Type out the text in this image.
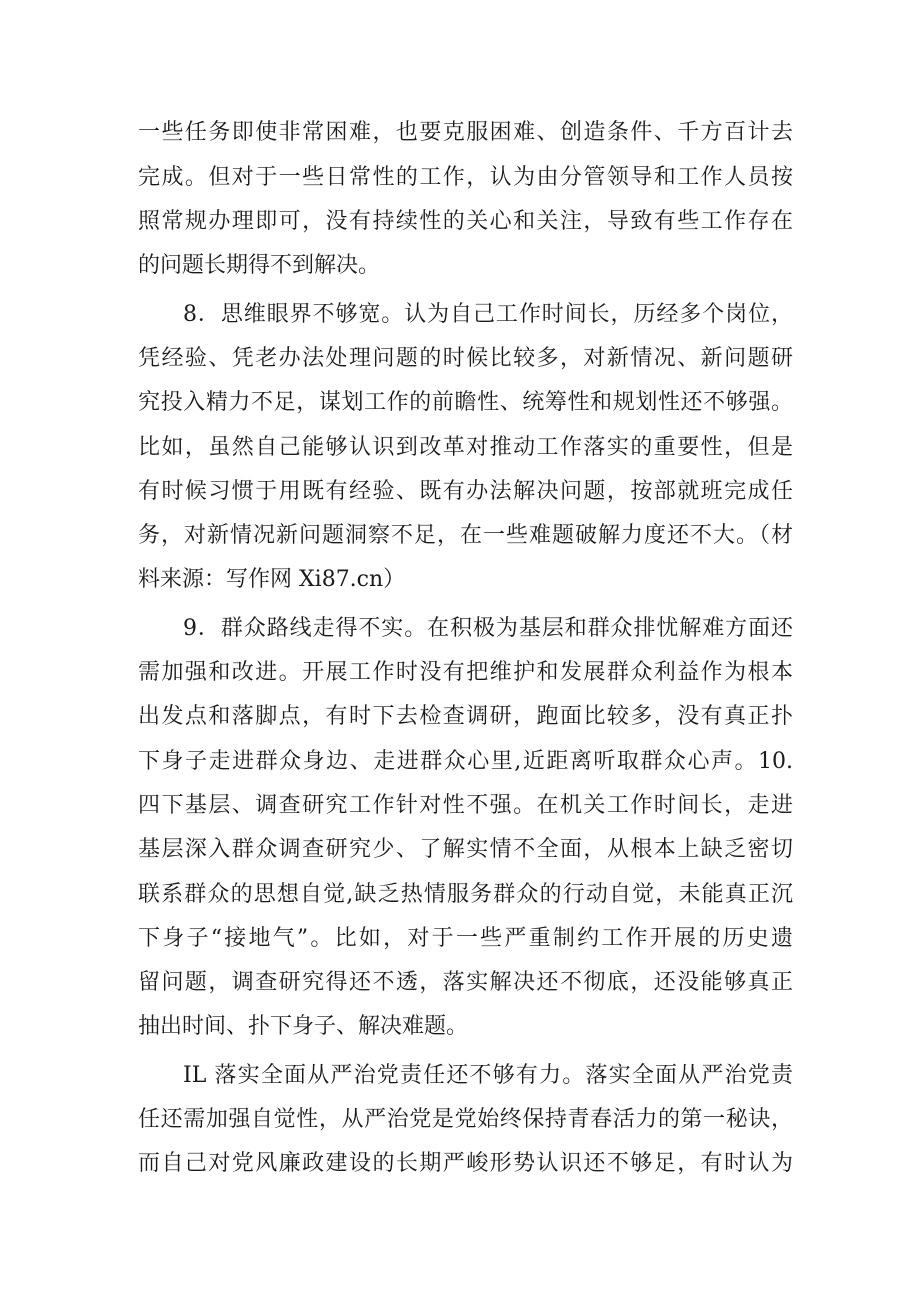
一些任务即使非常困难，也要克服困难、创造条件、千方百计去
完成。但对于一些日常性的工作，认为由分管领导和工作人员按
照常规办理即可，没有持续性的关心和关注，导致有些工作存在
的问题长期得不到解决。
8．思维眼界不够宽。认为自己工作时间长，历经多个岗位，
凭经验、凭老办法处理问题的时候比较多，对新情况、新问题研
究投入精力不足，谋划工作的前瞻性、统筹性和规划性还不够强。
比如，虽然自己能够认识到改革对推动工作落实的重要性，但是
有时候习惯于用既有经验、既有办法解决问题，按部就班完成任
务，对新情况新问题洞察不足，在一些难题破解力度还不大。（材
料来源：写作网 Xi87.cn）
9．群众路线走得不实。在积极为基层和群众排忧解难方面还
需加强和改进。开展工作时没有把维护和发展群众利益作为根本
出发点和落脚点，有时下去检查调研，跑面比较多，没有真正扑
下身子走进群众身边、走进群众心里,近距离听取群众心声。10.
四下基层、调查研究工作针对性不强。在机关工作时间长，走进
基层深入群众调查研究少、了解实情不全面，从根本上缺乏密切
联系群众的思想自觉,缺乏热情服务群众的行动自觉，未能真正沉
下身子“接地气”。比如，对于一些严重制约工作开展的历史遗
留问题，调查研究得还不透，落实解决还不彻底，还没能够真正
抽出时间、扑下身子、解决难题。
IL 落实全面从严治党责任还不够有力。落实全面从严治党责
任还需加强自觉性，从严治党是党始终保持青春活力的第一秘诀，
而自己对党风廉政建设的长期严峻形势认识还不够足，有时认为
